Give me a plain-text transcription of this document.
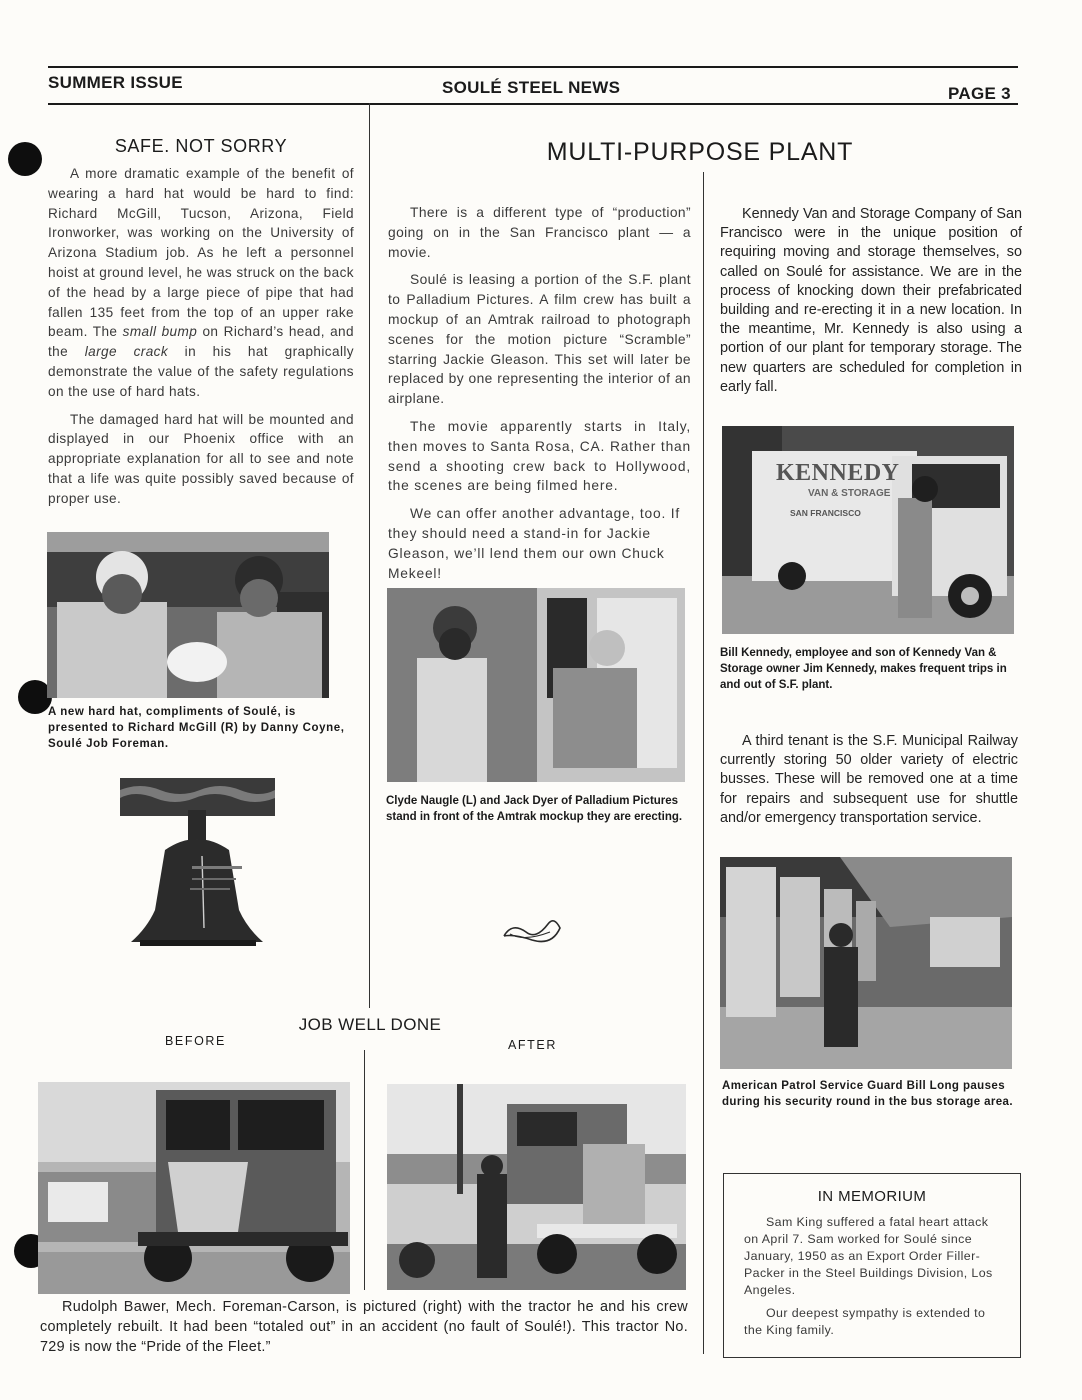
SUMMER ISSUE	SOULÉ STEEL NEWS	PAGE 3
SAFE. NOT SORRY

A more dramatic example of the benefit of wearing a hard hat would be hard to find: Richard McGill, Tucson, Arizona, Field Ironworker, was working on the University of Arizona Stadium job. As he left a personnel hoist at ground level, he was struck on the back of the head by a large piece of pipe that had fallen 135 feet from the top of an upper rake beam. The small bump on Richard’s head, and the large crack in his hat graphically demonstrate the value of the safety regulations on the use of hard hats.

The damaged hard hat will be mounted and displayed in our Phoenix office with an appropriate explanation for all to see and note that a life was quite possibly saved because of proper use.

A new hard hat, compliments of Soulé, is presented to Richard McGill (R) by Danny Coyne, Soulé Job Foreman.
MULTI-PURPOSE PLANT

There is a different type of “production” going on in the San Francisco plant — a movie.

Soulé is leasing a portion of the S.F. plant to Palladium Pictures. A film crew has built a mockup of an Amtrak railroad to photograph scenes for the motion picture “Scramble” starring Jackie Gleason. This set will later be replaced by one representing the interior of an airplane.

The movie apparently starts in Italy, then moves to Santa Rosa, CA. Rather than send a shooting crew back to Hollywood, the scenes are being filmed here.

We can offer another advantage, too. If they should need a stand-in for Jackie Gleason, we’ll lend them our own Chuck Mekeel!

Clyde Naugle (L) and Jack Dyer of Palladium Pictures stand in front of the Amtrak mockup they are erecting.

Kennedy Van and Storage Company of San Francisco were in the unique position of requiring moving and storage themselves, so called on Soulé for assistance. We are in the process of knocking down their prefabricated building and re-erecting it in a new location. In the meantime, Mr. Kennedy is also using a portion of our plant for temporary storage. The new quarters are scheduled for completion in early fall.

KENNEDY
VAN & STORAGE
SAN FRANCISCO
Bill Kennedy, employee and son of Kennedy Van & Storage owner Jim Kennedy, makes frequent trips in and out of S.F. plant.

A third tenant is the S.F. Municipal Railway currently storing 50 older variety of electric busses. These will be removed one at a time for repairs and subsequent use for shuttle and/or emergency transportation service.

American Patrol Service Guard Bill Long pauses during his security round in the bus storage area.
IN MEMORIUM

Sam King suffered a fatal heart attack on April 7. Sam worked for Soulé since January, 1950 as an Export Order Filler-Packer in the Steel Buildings Division, Los Angeles.

Our deepest sympathy is extended to the King family.

JOB WELL DONE
BEFORE	AFTER
Rudolph Bawer, Mech. Foreman-Carson, is pictured (right) with the tractor he and his crew completely rebuilt. It had been “totaled out” in an accident (no fault of Soulé!). This tractor No. 729 is now the “Pride of the Fleet.”
